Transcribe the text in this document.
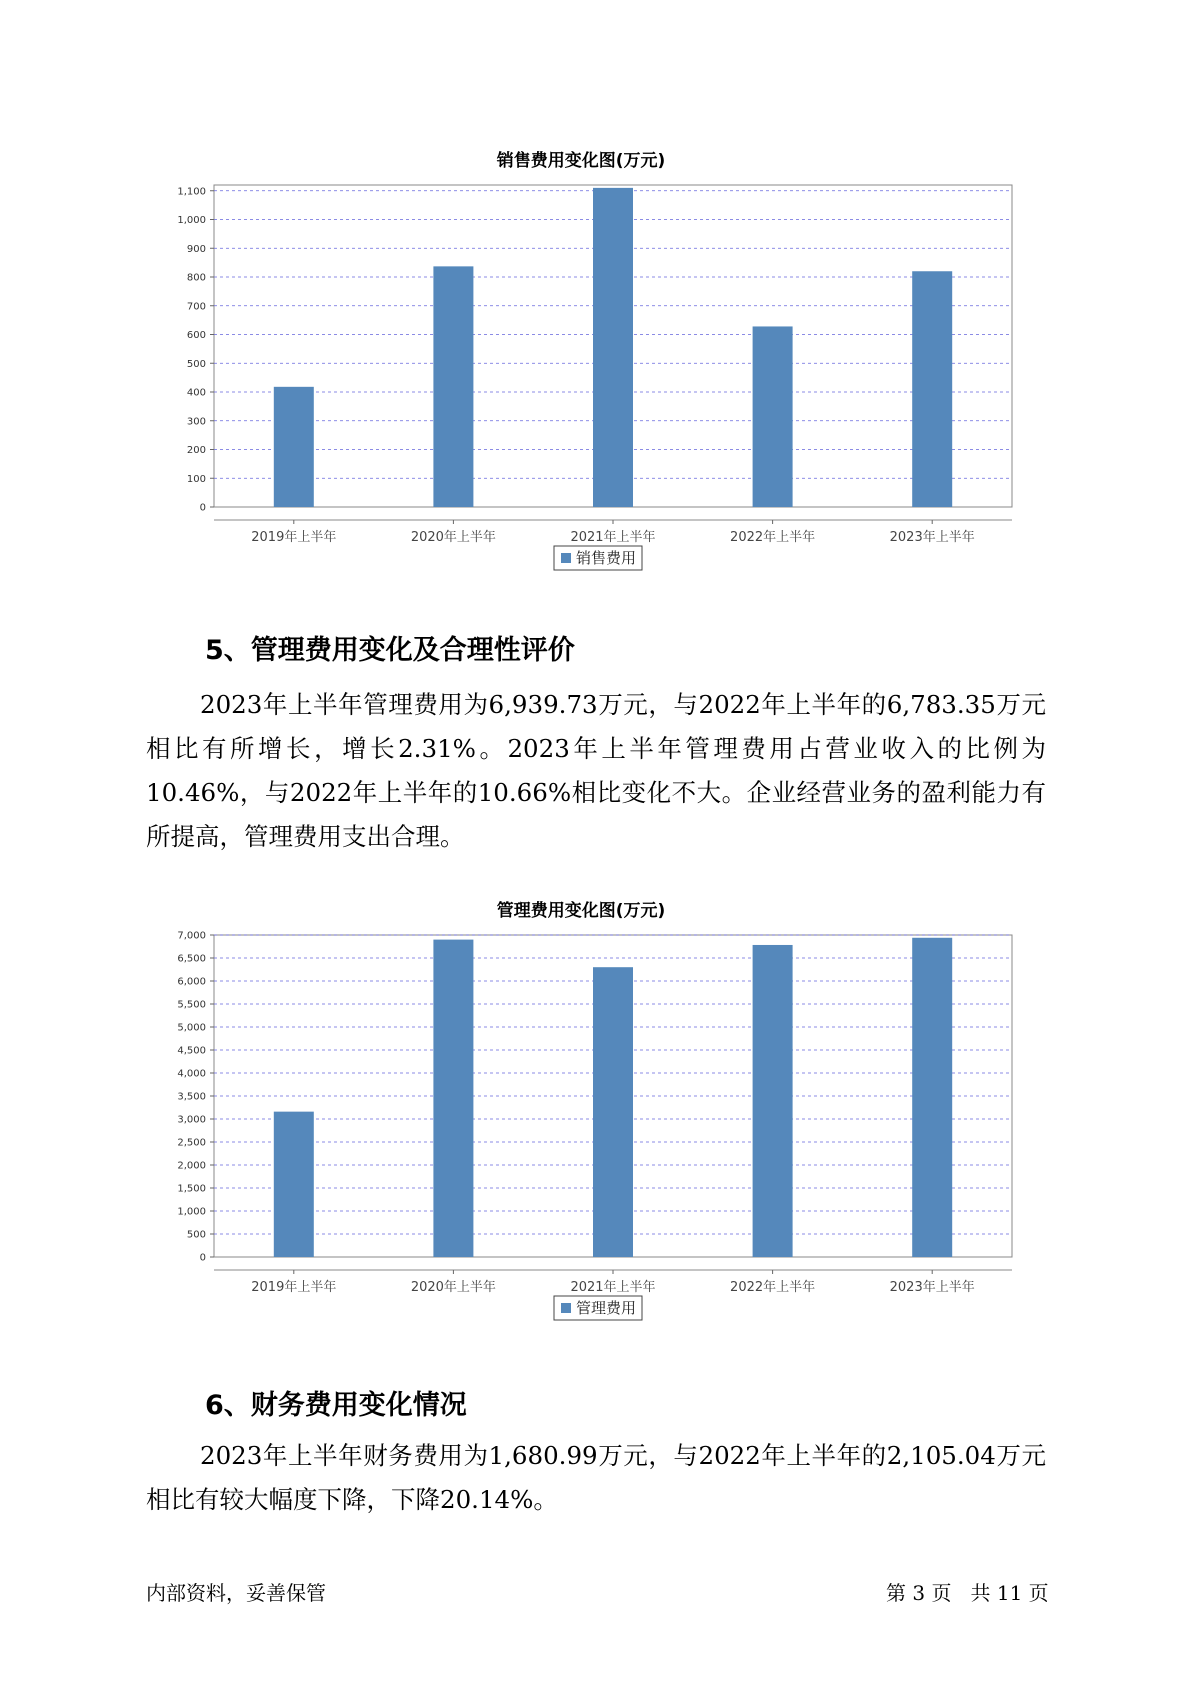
销售费用变化图(万元)
0
100
200
300
400
500
600
700
800
900
1,000
1,100
2019年上半年	2020年上半年	2021年上半年	2022年上半年	2023年上半年
销售费用
5、管理费用变化及合理性评价
2023年上半年管理费用为6,939.73万元，与2022年上半年的6,783.35万元相比有所增长，增长2.31%。2023年上半年管理费用占营业收入的比例为10.46%，与2022年上半年的10.66%相比变化不大。企业经营业务的盈利能力有所提高，管理费用支出合理。
管理费用变化图(万元)
0
500
1,000
1,500
2,000
2,500
3,000
3,500
4,000
4,500
5,000
5,500
6,000
6,500
7,000
2019年上半年	2020年上半年	2021年上半年	2022年上半年	2023年上半年
管理费用
6、财务费用变化情况
2023年上半年财务费用为1,680.99万元，与2022年上半年的2,105.04万元相比有较大幅度下降，下降20.14%。
内部资料，妥善保管	第 3 页   共 11 页
